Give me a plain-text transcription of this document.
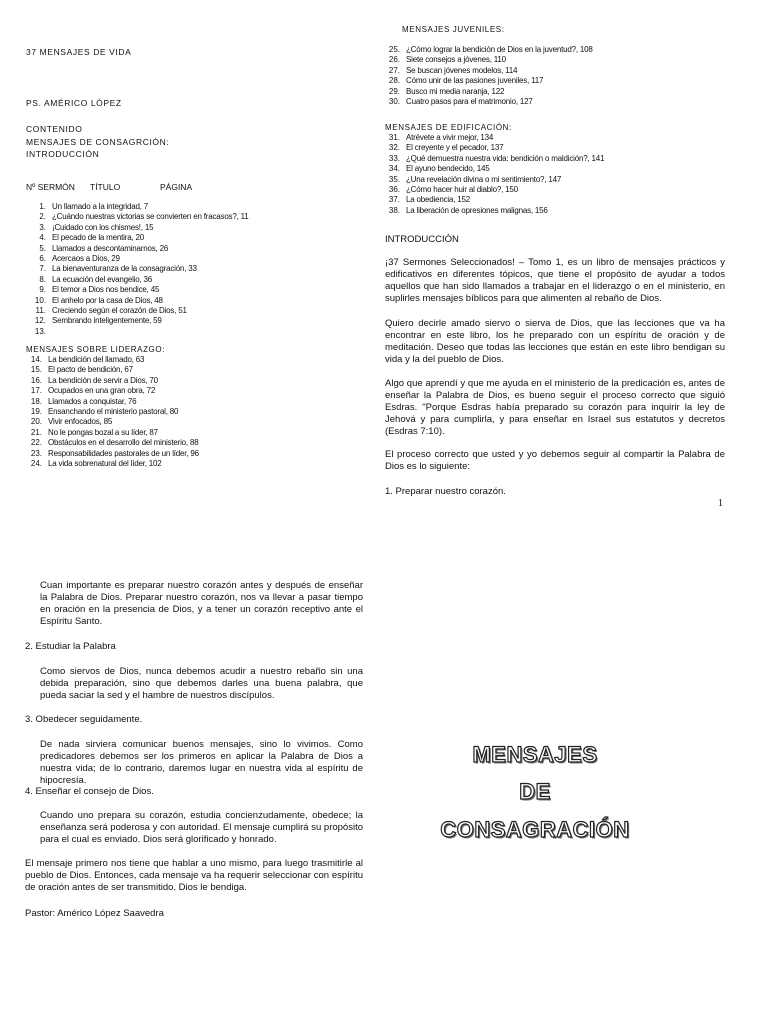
37 MENSAJES DE VIDA
PS. AMÉRICO LÓPEZ
CONTENIDO
MENSAJES DE CONSAGRCIÓN:
INTRODUCCIÓN
Nº SERMÓN TÍTULO	PÁGINA
1. Un llamado a la integridad, 7
2. ¿Cuándo nuestras victorias se convierten en fracasos?, 11
3. ¡Cuidado con los chismes!, 15
4. El pecado de la mentira, 20
5. Llamados a descontaminarnos, 26
6. Acercaos a Dios, 29
7. La bienaventuranza de la consagración, 33
8. La ecuación del evangelio, 36
9. El temor a Dios nos bendice, 45
10. El anhelo por la casa de Dios, 48
11. Creciendo según el corazón de Dios, 51
12. Sembrando inteligentemente, 59
13.
MENSAJES SOBRE LIDERAZGO:
14. La bendición del llamado, 63
15. El pacto de bendición, 67
16. La bendición de servir a Dios, 70
17. Ocupados en una gran obra, 72
18. Llamados a conquistar, 76
19. Ensanchando el ministerio pastoral, 80
20. Vivir enfocados, 85
21. No le pongas bozal a su líder, 87
22. Obstáculos en el desarrollo del ministerio, 88
23. Responsabilidades pastorales de un líder, 96
24. La vida sobrenatural del líder, 102
MENSAJES JUVENILES:
25. ¿Cómo lograr la bendición de Dios en la juventud?, 108
26. Siete consejos a jóvenes, 110
27. Se buscan jóvenes modelos, 114
28. Cómo unir de las pasiones juveniles, 117
29. Busco mi media naranja, 122
30. Cuatro pasos para el matrimonio, 127
MENSAJES DE EDIFICACIÓN:
31. Atrévete a vivir mejor, 134
32. El creyente y el pecador, 137
33. ¿Qué demuestra nuestra vida: bendición o maldición?, 141
34. El ayuno bendecido, 145
35. ¿Una revelación divina o mi sentimiento?, 147
36. ¿Cómo hacer huir al diablo?, 150
37. La obediencia, 152
38. La liberación de opresiones malignas, 156
INTRODUCCIÓN

¡37 Sermones Seleccionados! – Tomo 1, es un libro de mensajes prácticos y edificativos en diferentes tópicos, que tiene el propósito de ayudar a todos aquellos que han sido llamados a trabajar en el liderazgo o en el ministerio, en suplirles mensajes bíblicos para que alimenten al rebaño de Dios.

Quiero decirle amado siervo o sierva de Dios, que las lecciones que va ha encontrar en este libro, los he preparado con un espíritu de oración y de meditación. Deseo que todas las lecciones que están en este libro bendigan su vida y la del pueblo de Dios.

Algo que aprendí y que me ayuda en el ministerio de la predicación es, antes de enseñar la Palabra de Dios, es bueno seguir el proceso correcto que siguió Esdras. "Porque Esdras había preparado su corazón para inquirir la ley de Jehová y para cumplirla, y para enseñar en Israel sus estatutos y decretos (Esdras 7:10).

El proceso correcto que usted y yo debemos seguir al compartir la Palabra de Dios es lo siguiente:

1. Preparar nuestro corazón.
1

Cuan importante es preparar nuestro corazón antes y después de enseñar la Palabra de Dios. Preparar nuestro corazón, nos va llevar a pasar tiempo en oración en la presencia de Dios, y a tener un corazón receptivo ante el Espíritu Santo.

2. Estudiar la Palabra

Como siervos de Dios, nunca debemos acudir a nuestro rebaño sin una debida preparación, sino que debemos darles una buena palabra, que pueda saciar la sed y el hambre de nuestros discípulos.

3. Obedecer seguidamente.

De nada sirviera comunicar buenos mensajes, sino lo vivimos. Como predicadores debemos ser los primeros en aplicar la Palabra de Dios a nuestra vida; de lo contrario, daremos lugar en nuestra vida al espíritu de hipocresía.

4. Enseñar el consejo de Dios.

Cuando uno prepara su corazón, estudia concienzudamente, obedece; la enseñanza será poderosa y con autoridad. El mensaje cumplirá su propósito para el cual es enviado. Dios será glorificado y honrado.

El mensaje primero nos tiene que hablar a uno mismo, para luego trasmitirle al pueblo de Dios. Entonces, cada mensaje va ha requerir seleccionar con espíritu de oración antes de ser transmitido. Dios le bendiga.

Pastor: Américo López Saavedra
MENSAJES
DE
CONSAGRACIÓN
